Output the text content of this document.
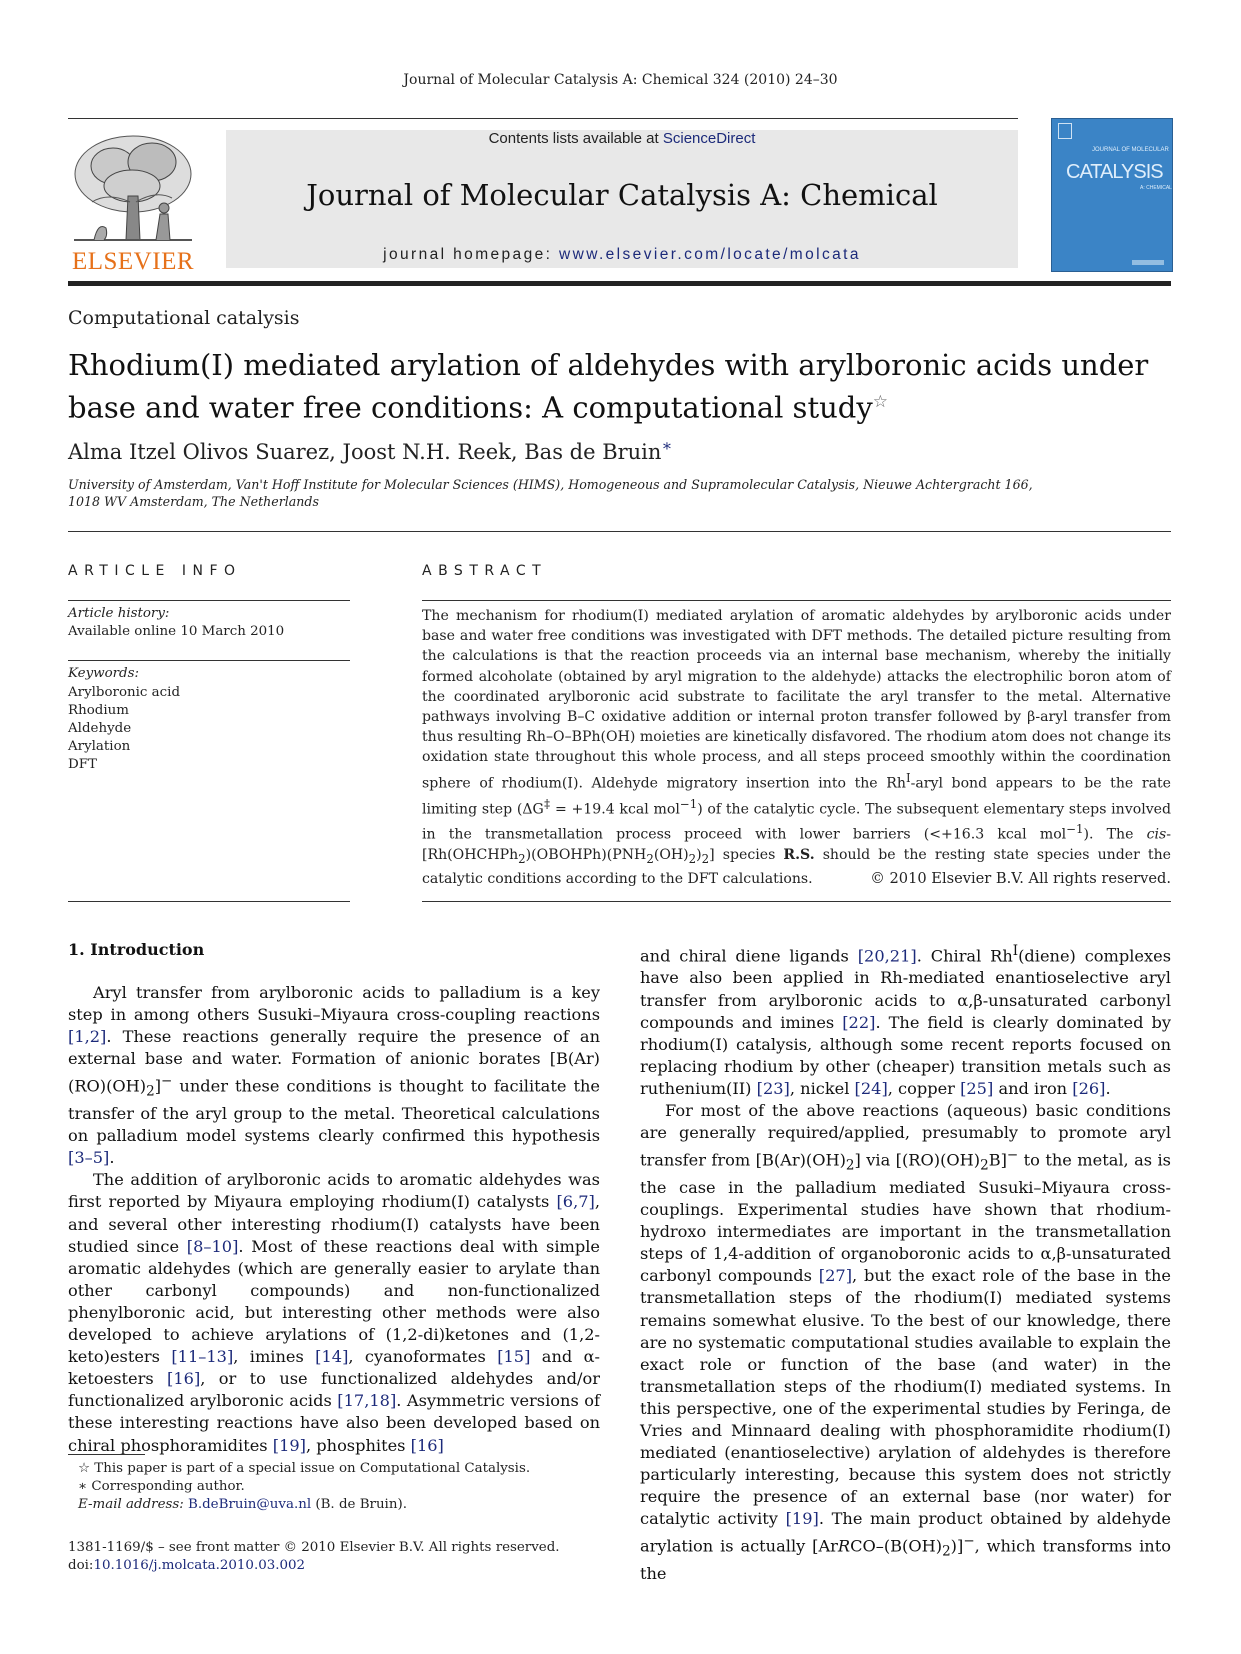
Journal of Molecular Catalysis A: Chemical 324 (2010) 24–30
ELSEVIER
Contents lists available at ScienceDirect
Journal of Molecular Catalysis A: Chemical
journal homepage: www.elsevier.com/locate/molcata
JOURNAL OF MOLECULAR
CATALYSIS
A: CHEMICAL
Computational catalysis
Rhodium(I) mediated arylation of aldehydes with arylboronic acids under base and water free conditions: A computational study☆
Alma Itzel Olivos Suarez, Joost N.H. Reek, Bas de Bruin∗
University of Amsterdam, Van't Hoff Institute for Molecular Sciences (HIMS), Homogeneous and Supramolecular Catalysis, Nieuwe Achtergracht 166,
1018 WV Amsterdam, The Netherlands
ARTICLE INFO
Article history:
Available online 10 March 2010
Keywords:
Arylboronic acid
Rhodium
Aldehyde
Arylation
DFT
ABSTRACT

The mechanism for rhodium(I) mediated arylation of aromatic aldehydes by arylboronic acids under base and water free conditions was investigated with DFT methods. The detailed picture resulting from the calculations is that the reaction proceeds via an internal base mechanism, whereby the initially formed alcoholate (obtained by aryl migration to the aldehyde) attacks the electrophilic boron atom of the coordinated arylboronic acid substrate to facilitate the aryl transfer to the metal. Alternative pathways involving B–C oxidative addition or internal proton transfer followed by β-aryl transfer from thus resulting Rh–O–BPh(OH) moieties are kinetically disfavored. The rhodium atom does not change its oxidation state throughout this whole process, and all steps proceed smoothly within the coordination sphere of rhodium(I). Aldehyde migratory insertion into the $Rh^I$-aryl bond appears to be the rate limiting step (ΔG‡ = +19.4 kcal mol$^{-1}$) of the catalytic cycle. The subsequent elementary steps involved in the transmetallation process proceed with lower barriers (<+16.3 kcal mol$^{-1}$). The cis-$[Rh(OHCHPh_2)(OBOHPh)(PNH_2(OH)_2)_2]$ species R.S. should be the resting state species under the catalytic conditions according to the DFT calculations.	© 2010 Elsevier B.V. All rights reserved.
1. Introduction

Aryl transfer from arylboronic acids to palladium is a key step in among others Susuki–Miyaura cross-coupling reactions [1,2]. These reactions generally require the presence of an external base and water. Formation of anionic borates $[B(Ar)(RO)(OH)_2]^-$ under these conditions is thought to facilitate the transfer of the aryl group to the metal. Theoretical calculations on palladium model systems clearly confirmed this hypothesis [3–5].

The addition of arylboronic acids to aromatic aldehydes was first reported by Miyaura employing rhodium(I) catalysts [6,7], and several other interesting rhodium(I) catalysts have been studied since [8–10]. Most of these reactions deal with simple aromatic aldehydes (which are generally easier to arylate than other carbonyl compounds) and non-functionalized phenylboronic acid, but interesting other methods were also developed to achieve arylations of (1,2-di)ketones and (1,2-keto)esters [11–13], imines [14], cyanoformates [15] and α-ketoesters [16], or to use functionalized aldehydes and/or functionalized arylboronic acids [17,18]. Asymmetric versions of these interesting reactions have also been developed based on chiral phosphoramidites [19], phosphites [16]

and chiral diene ligands [20,21]. Chiral $Rh^I(diene)$ complexes have also been applied in Rh-mediated enantioselective aryl transfer from arylboronic acids to α,β-unsaturated carbonyl compounds and imines [22]. The field is clearly dominated by rhodium(I) catalysis, although some recent reports focused on replacing rhodium by other (cheaper) transition metals such as ruthenium(II) [23], nickel [24], copper [25] and iron [26].

For most of the above reactions (aqueous) basic conditions are generally required/applied, presumably to promote aryl transfer from $[B(Ar)(OH)_2]$ via $[(RO)(OH)_2B]^-$ to the metal, as is the case in the palladium mediated Susuki–Miyaura cross-couplings. Experimental studies have shown that rhodium-hydroxo intermediates are important in the transmetallation steps of 1,4-addition of organoboronic acids to α,β-unsaturated carbonyl compounds [27], but the exact role of the base in the transmetallation steps of the rhodium(I) mediated systems remains somewhat elusive. To the best of our knowledge, there are no systematic computational studies available to explain the exact role or function of the base (and water) in the transmetallation steps of the rhodium(I) mediated systems. In this perspective, one of the experimental studies by Feringa, de Vries and Minnaard dealing with phosphoramidite rhodium(I) mediated (enantioselective) arylation of aldehydes is therefore particularly interesting, because this system does not strictly require the presence of an external base (nor water) for catalytic activity [19]. The main product obtained by aldehyde arylation is actually $[ArRCO-(B(OH)_2)]^-$, which transforms into the

☆ This paper is part of a special issue on Computational Catalysis.
∗ Corresponding author.
E-mail address: B.deBruin@uva.nl (B. de Bruin).
1381-1169/$ – see front matter © 2010 Elsevier B.V. All rights reserved.
doi:10.1016/j.molcata.2010.03.002
